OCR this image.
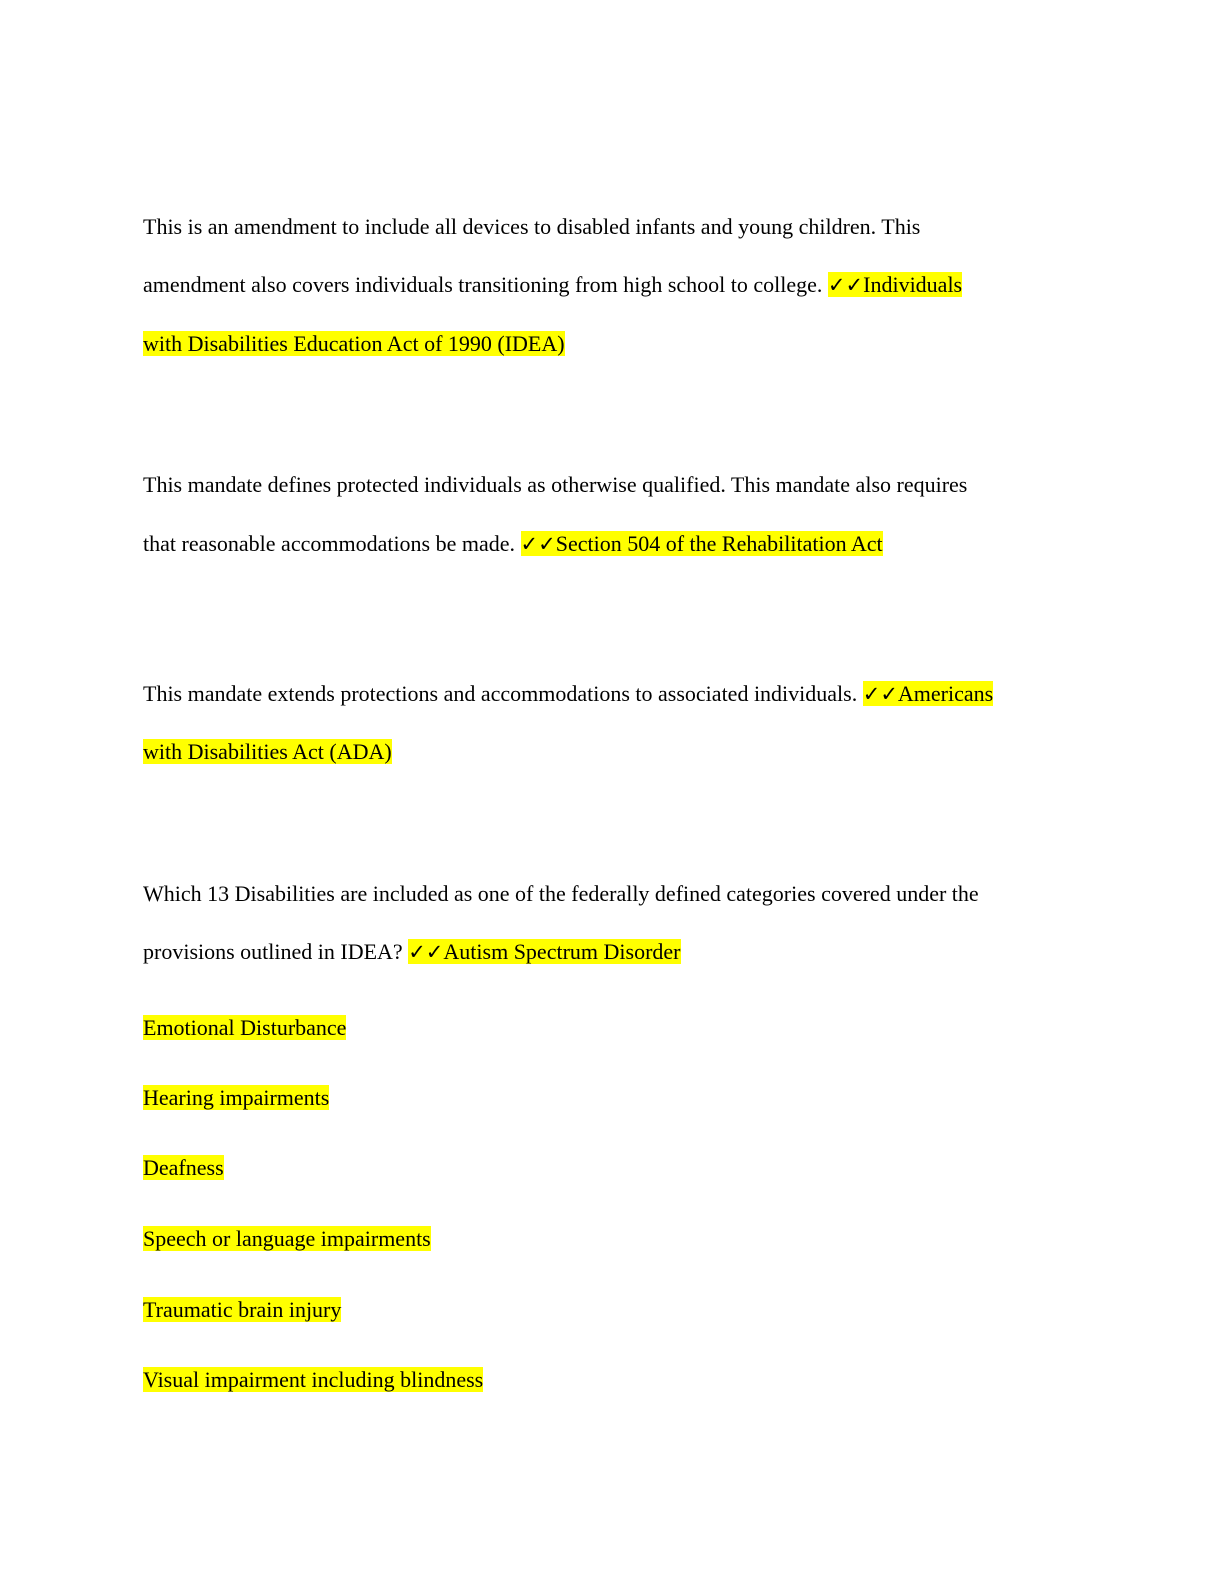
This is an amendment to include all devices to disabled infants and young children. This
amendment also covers individuals transitioning from high school to college. ✓✓Individuals
with Disabilities Education Act of 1990 (IDEA)
This mandate defines protected individuals as otherwise qualified. This mandate also requires
that reasonable accommodations be made. ✓✓Section 504 of the Rehabilitation Act
This mandate extends protections and accommodations to associated individuals. ✓✓Americans
with Disabilities Act (ADA)
Which 13 Disabilities are included as one of the federally defined categories covered under the
provisions outlined in IDEA? ✓✓Autism Spectrum Disorder
Emotional Disturbance
Hearing impairments
Deafness
Speech or language impairments
Traumatic brain injury
Visual impairment including blindness
